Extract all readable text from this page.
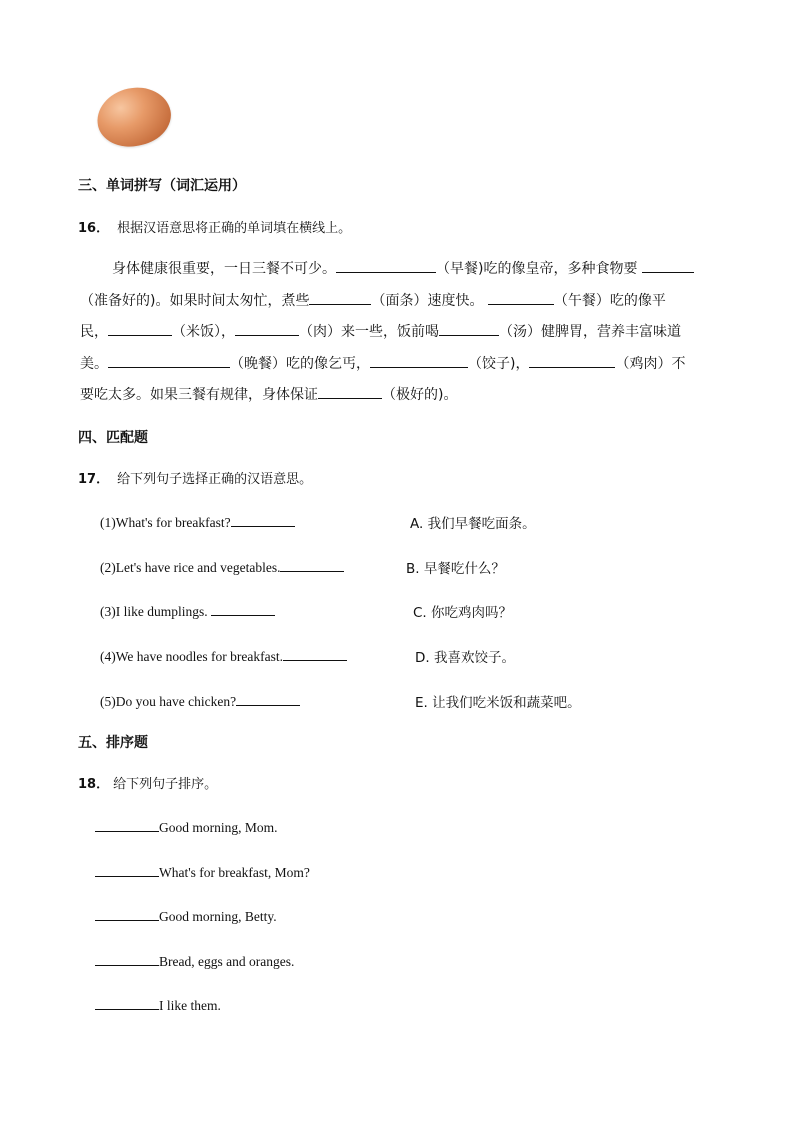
三、单词拼写（词汇运用）
16． 根据汉语意思将正确的单词填在横线上。
身体健康很重要，一日三餐不可少。	（早餐)吃的像皇帝，多种食物要
（准备好的)。如果时间太匆忙，煮些	（面条）速度快。	（午餐）吃的像平
民，	（米饭），	（肉）来一些，饭前喝	（汤）健脾胃，营养丰富味道
美。	（晚餐）吃的像乞丐，	（饺子)，	（鸡肉）不
要吃太多。如果三餐有规律，身体保证	（极好的)。
四、匹配题
17． 给下列句子选择正确的汉语意思。
(1)What's for breakfast?	A. 我们早餐吃面条。
(2)Let's have rice and vegetables.	B. 早餐吃什么？
(3)I like dumplings.	C. 你吃鸡肉吗？
(4)We have noodles for breakfast.	D. 我喜欢饺子。
(5)Do you have chicken?	E. 让我们吃米饭和蔬菜吧。
五、排序题
18． 给下列句子排序。
Good morning, Mom.
What's for breakfast, Mom?
Good morning, Betty.
Bread, eggs and oranges.
I like them.
